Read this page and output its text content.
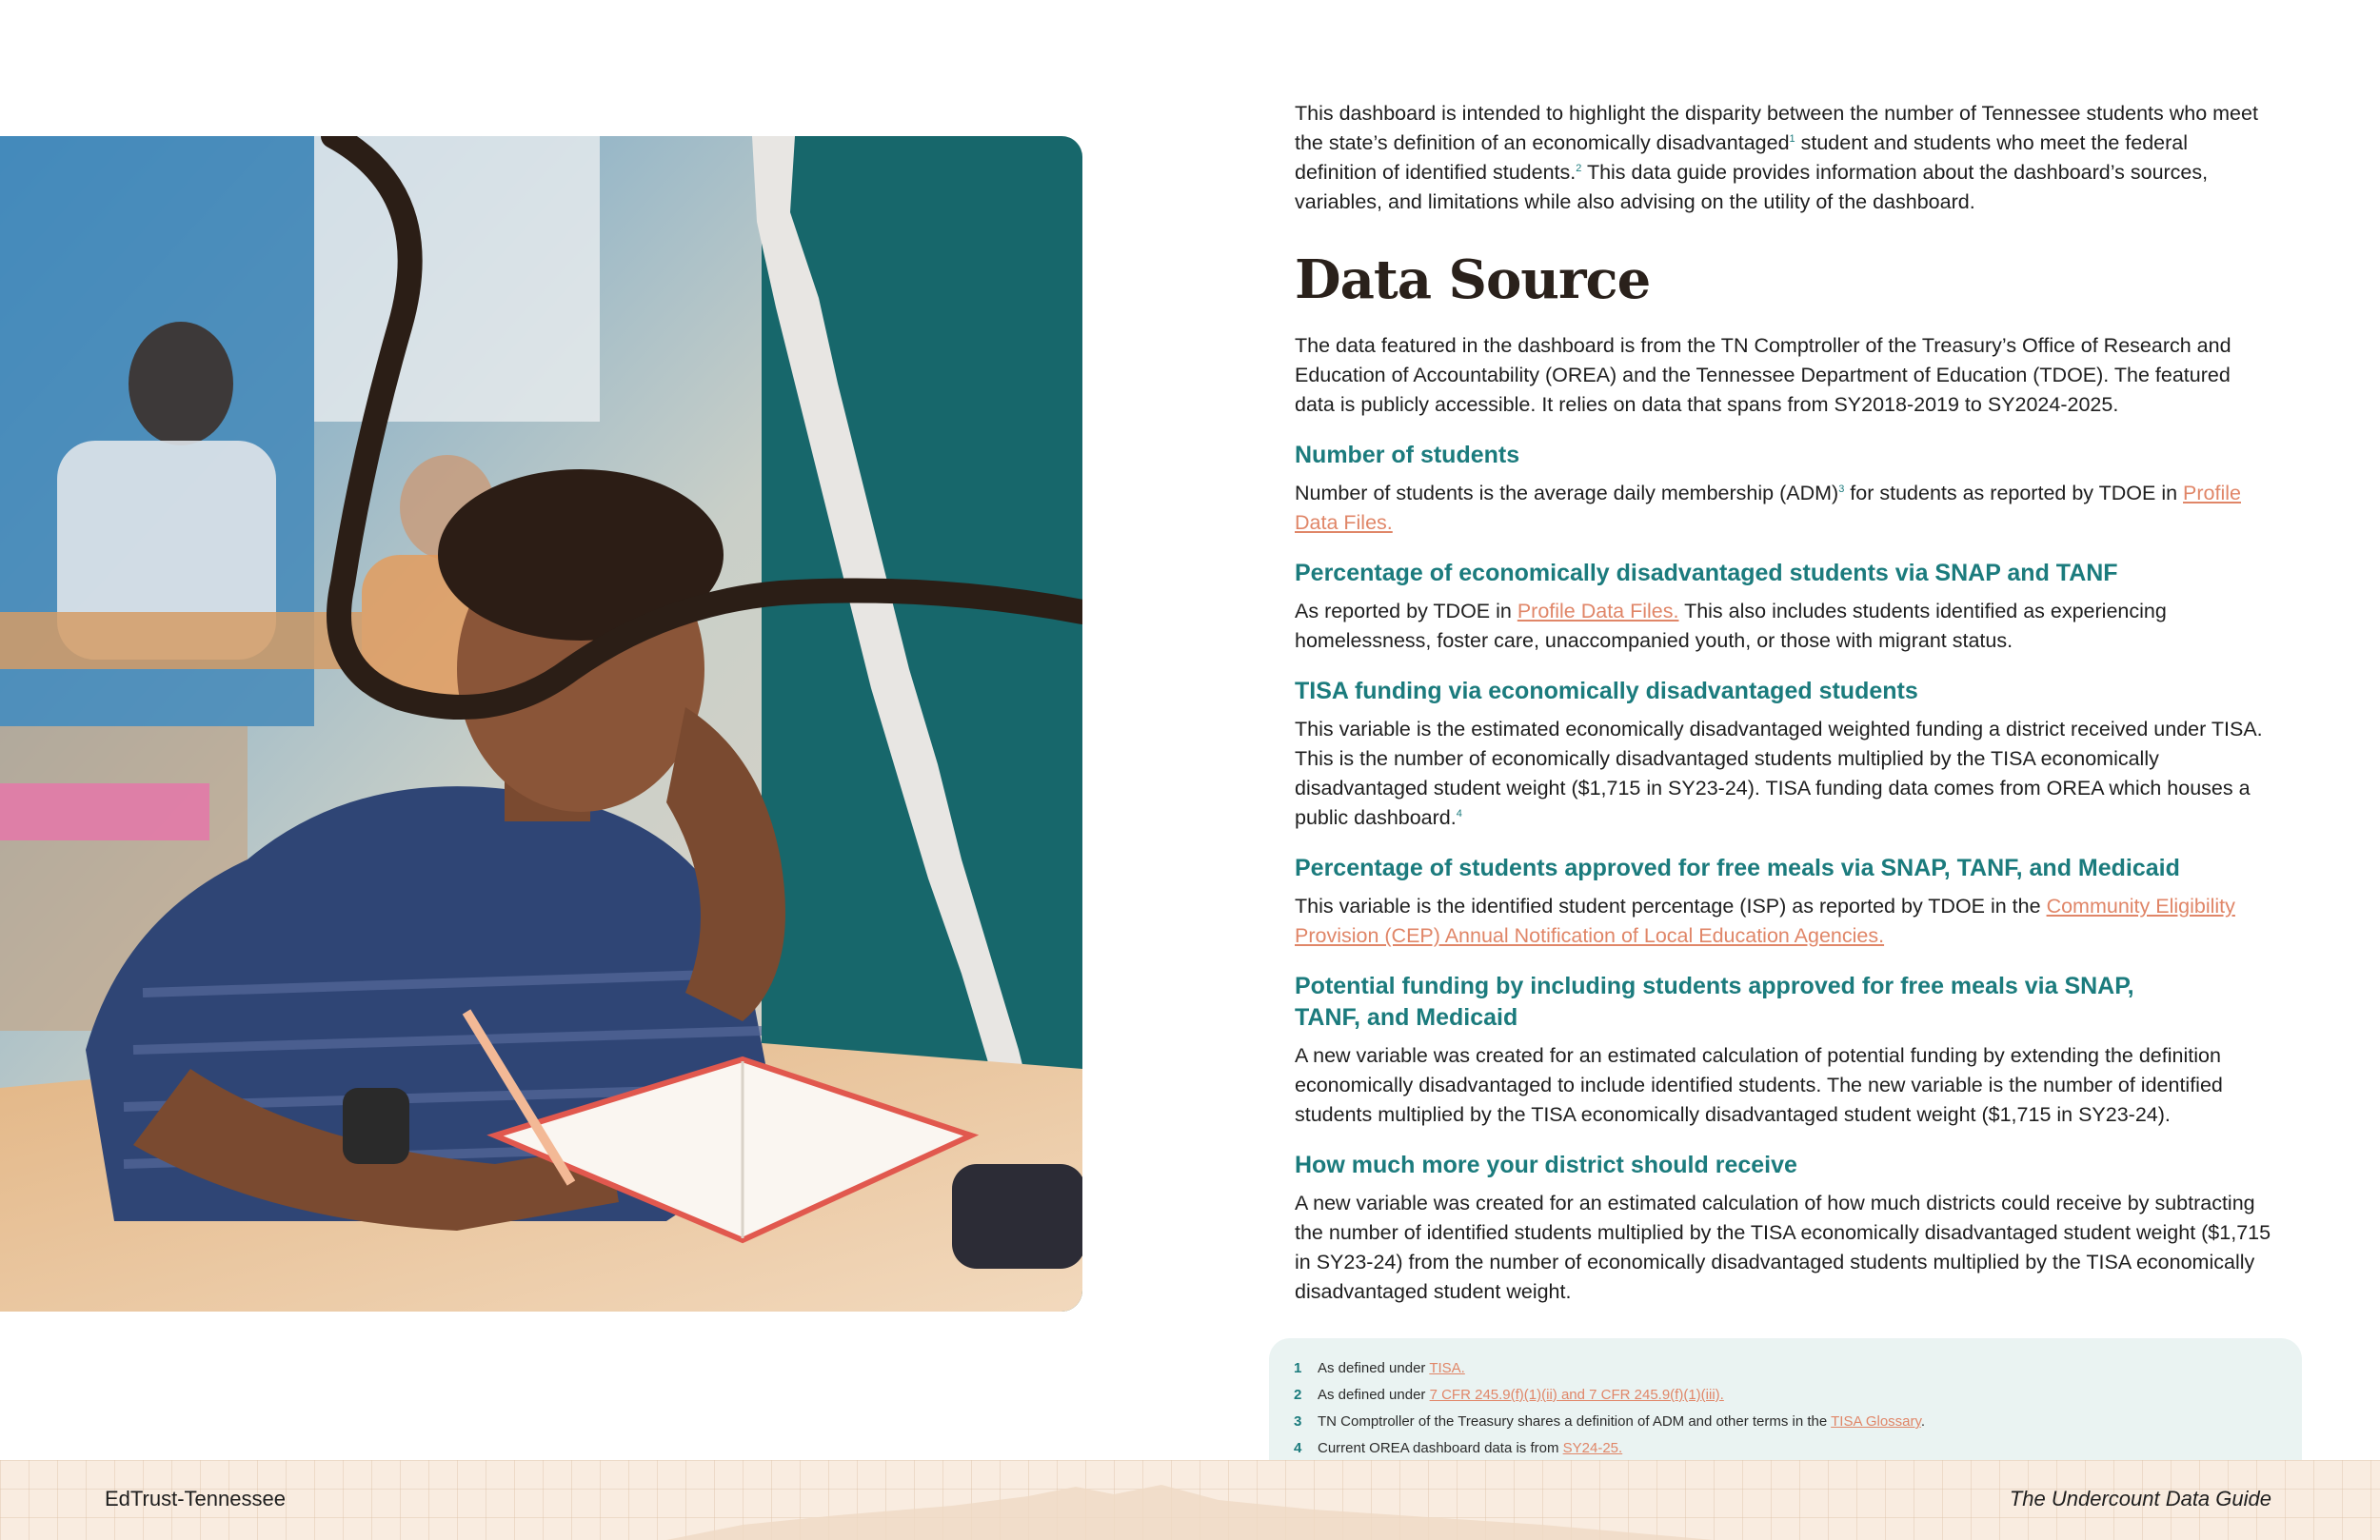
This dashboard is intended to highlight the disparity between the number of Tennessee students who meet the state’s definition of an economically disadvantaged$^1$ student and students who meet the federal definition of identified students.$^2$ This data guide provides information about the dashboard’s sources, variables, and limitations while also advising on the utility of the dashboard.

Data Source

The data featured in the dashboard is from the TN Comptroller of the Treasury’s Office of Research and Education of Accountability (OREA) and the Tennessee Department of Education (TDOE). The featured data is publicly accessible. It relies on data that spans from SY2018-2019 to SY2024-2025.

Number of students

Number of students is the average daily membership (ADM)$^3$ for students as reported by TDOE in Profile Data Files.

Percentage of economically disadvantaged students via SNAP and TANF

As reported by TDOE in Profile Data Files. This also includes students identified as experiencing homelessness, foster care, unaccompanied youth, or those with migrant status.

TISA funding via economically disadvantaged students

This variable is the estimated economically disadvantaged weighted funding a district received under TISA. This is the number of economically disadvantaged students multiplied by the TISA economically disadvantaged student weight ($1,715 in SY23-24). TISA funding data comes from OREA which houses a public dashboard.$^4$

Percentage of students approved for free meals via SNAP, TANF, and Medicaid

This variable is the identified student percentage (ISP) as reported by TDOE in the Community Eligibility Provision (CEP) Annual Notification of Local Education Agencies.

Potential funding by including students approved for free meals via SNAP, TANF, and Medicaid

A new variable was created for an estimated calculation of potential funding by extending the definition economically disadvantaged to include identified students. The new variable is the number of identified students multiplied by the TISA economically disadvantaged student weight ($1,715 in SY23-24).

How much more your district should receive

A new variable was created for an estimated calculation of how much districts could receive by subtracting the number of identified students multiplied by the TISA economically disadvantaged student weight ($1,715 in SY23-24) from the number of economically disadvantaged students multiplied by the TISA economically disadvantaged student weight.

1 As defined under TISA.
2 As defined under 7 CFR 245.9(f)(1)(ii) and 7 CFR 245.9(f)(1)(iii).
3 TN Comptroller of the Treasury shares a definition of ADM and other terms in the TISA Glossary.
4 Current OREA dashboard data is from SY24-25.
EdTrust-Tennessee	The Undercount Data Guide
